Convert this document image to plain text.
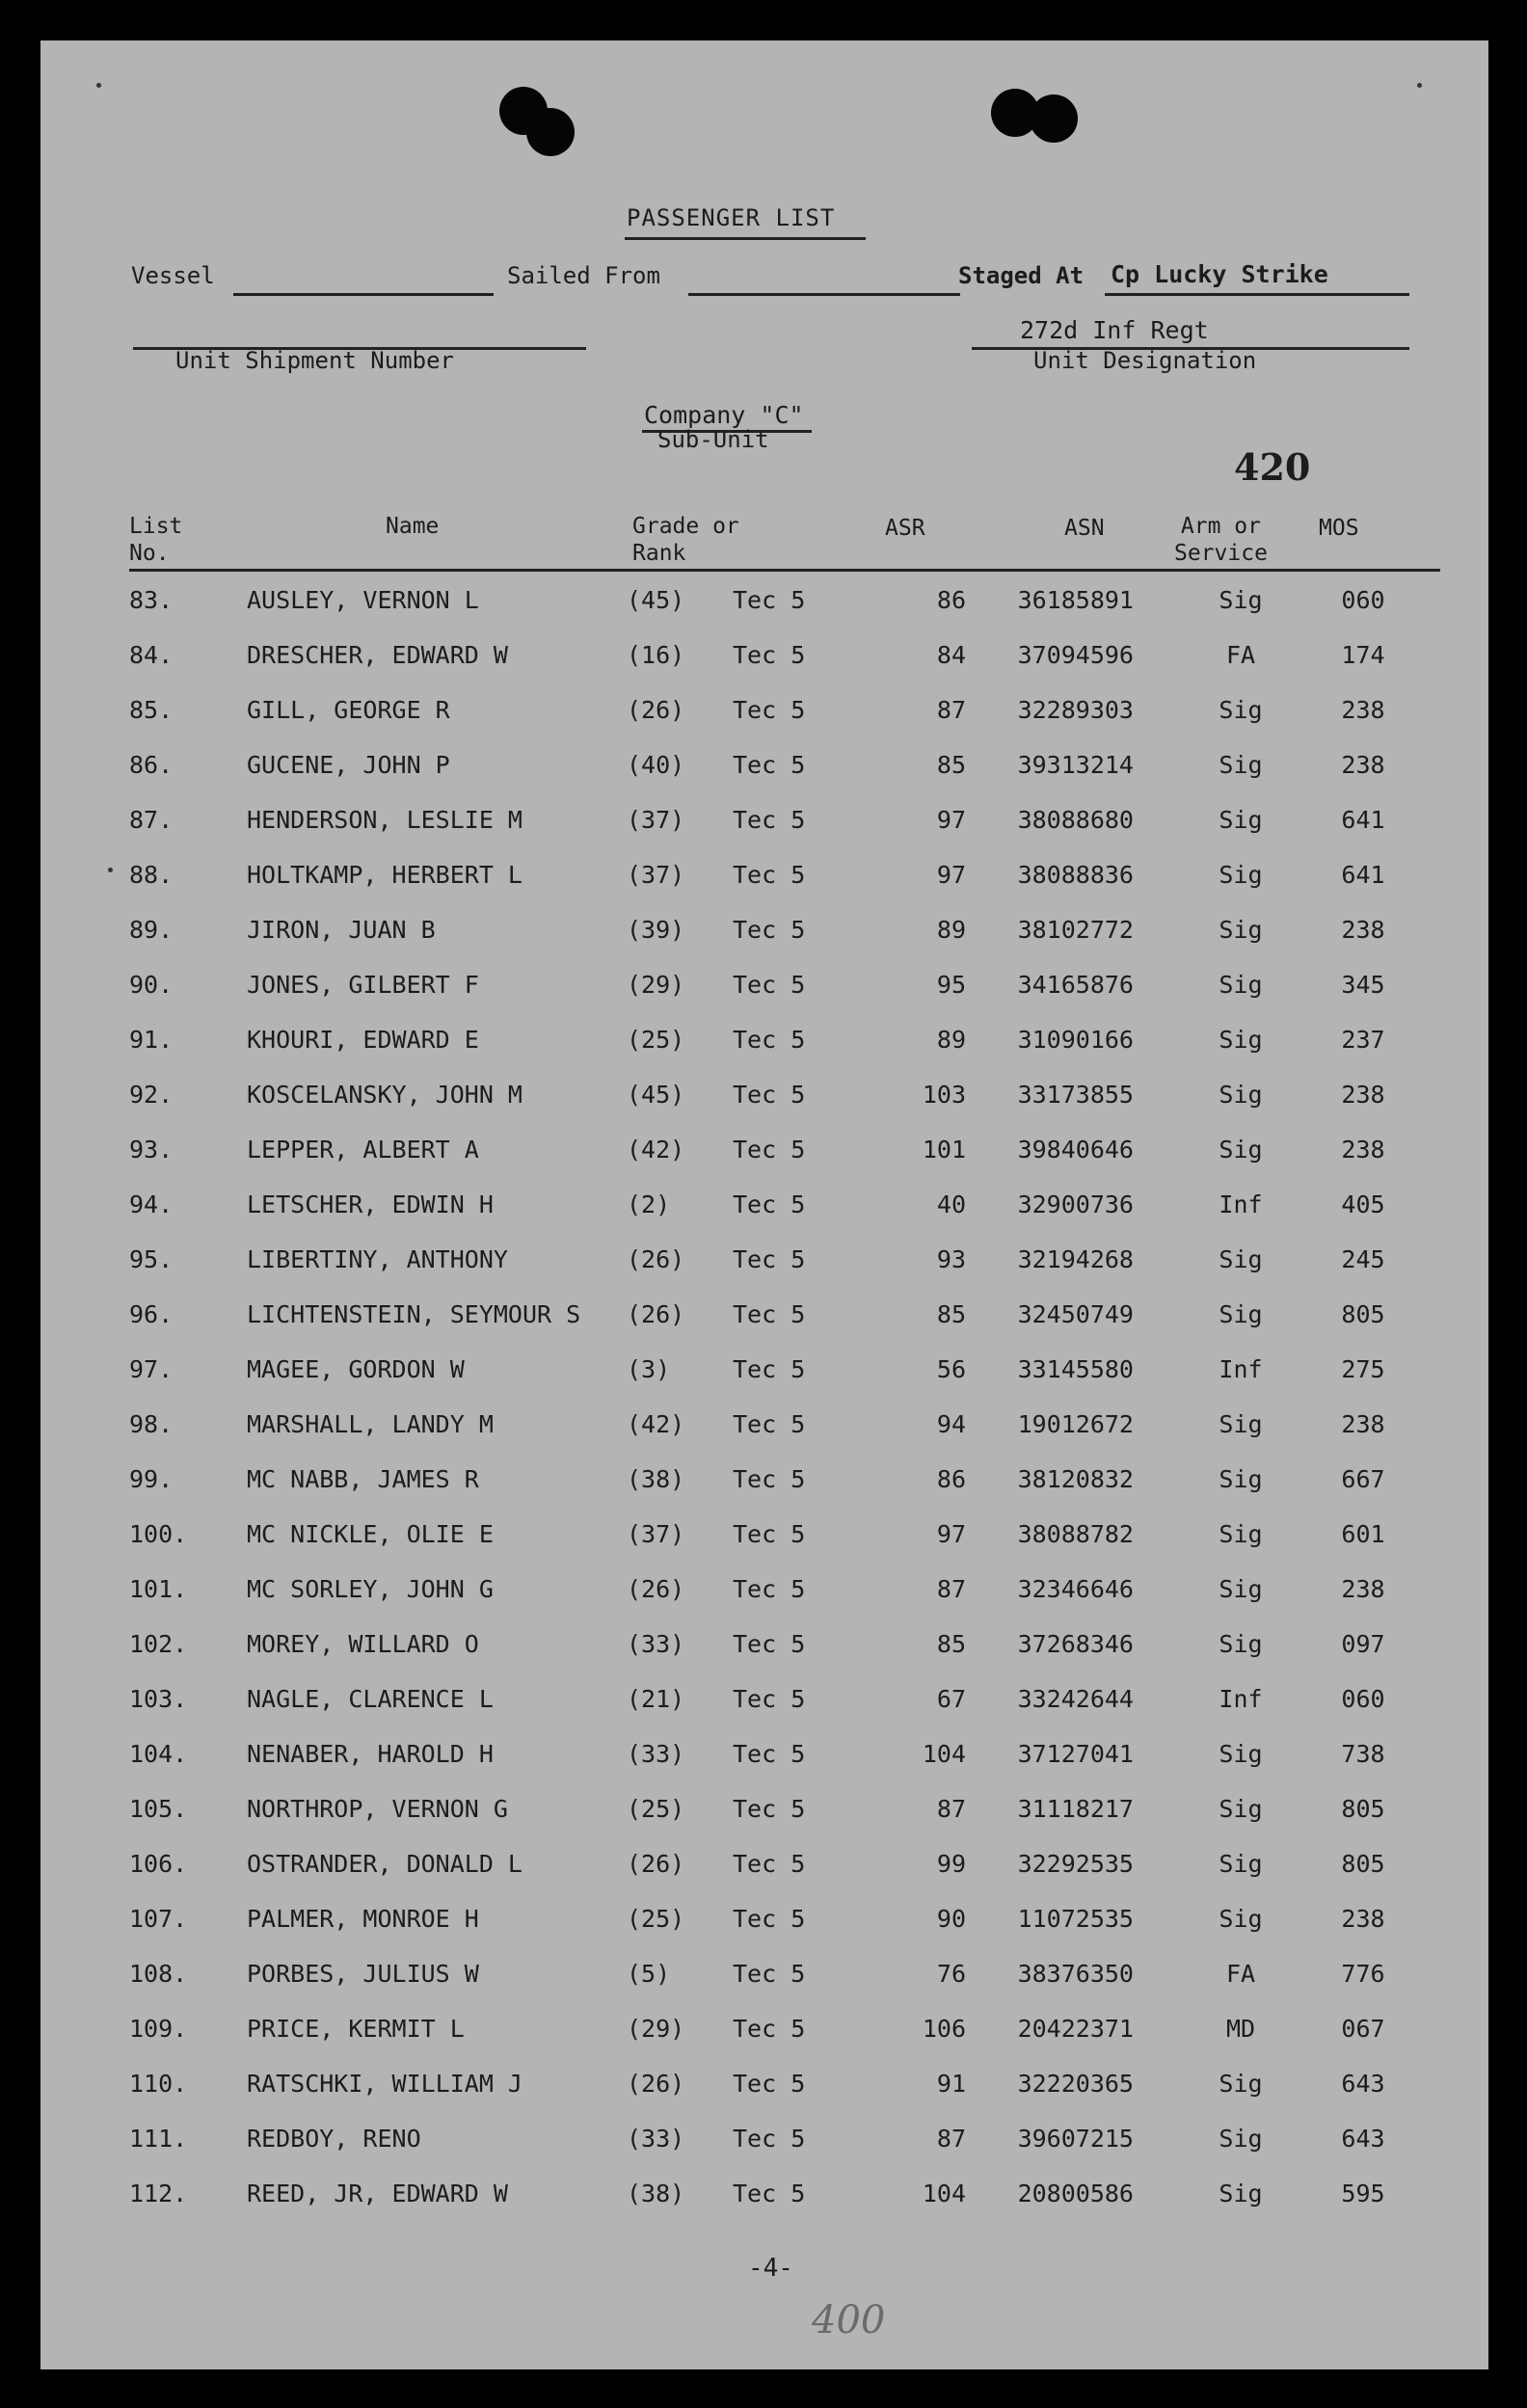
PASSENGER LIST
Vessel	Sailed From	Staged At Cp Lucky Strike
Unit Shipment Number
272d Inf Regt
Unit Designation
Company "C"
Sub-Unit
420
List
No.
Name	Grade or
Rank
ASR	ASN	Arm or
Service
MOS
83.	AUSLEY, VERNON L	(45) Tec 5	86	36185891	Sig	060
84.	DRESCHER, EDWARD W	(16) Tec 5	84	37094596	FA	174
85.	GILL, GEORGE R	(26) Tec 5	87	32289303	Sig	238
86.	GUCENE, JOHN P	(40) Tec 5	85	39313214	Sig	238
87.	HENDERSON, LESLIE M	(37) Tec 5	97	38088680	Sig	641
88.	HOLTKAMP, HERBERT L	(37) Tec 5	97	38088836	Sig	641
89.	JIRON, JUAN B	(39) Tec 5	89	38102772	Sig	238
90.	JONES, GILBERT F	(29) Tec 5	95	34165876	Sig	345
91.	KHOURI, EDWARD E	(25) Tec 5	89	31090166	Sig	237
92.	KOSCELANSKY, JOHN M	(45) Tec 5	103	33173855	Sig	238
93.	LEPPER, ALBERT A	(42) Tec 5	101	39840646	Sig	238
94.	LETSCHER, EDWIN H	(2)	Tec 5	40	32900736	Inf	405
95.	LIBERTINY, ANTHONY	(26) Tec 5	93	32194268	Sig	245
96.	LICHTENSTEIN, SEYMOUR S (26) Tec 5	85	32450749	Sig	805
97.	MAGEE, GORDON W	(3)	Tec 5	56	33145580	Inf	275
98.	MARSHALL, LANDY M	(42) Tec 5	94	19012672	Sig	238
99.	MC NABB, JAMES R	(38) Tec 5	86	38120832	Sig	667
100. MC NICKLE, OLIE E	(37) Tec 5	97	38088782	Sig	601
101. MC SORLEY, JOHN G	(26) Tec 5	87	32346646	Sig	238
102. MOREY, WILLARD O	(33) Tec 5	85	37268346	Sig	097
103. NAGLE, CLARENCE L	(21) Tec 5	67	33242644	Inf	060
104. NENABER, HAROLD H	(33) Tec 5	104	37127041	Sig	738
105. NORTHROP, VERNON G	(25) Tec 5	87	31118217	Sig	805
106. OSTRANDER, DONALD L	(26) Tec 5	99	32292535	Sig	805
107. PALMER, MONROE H	(25) Tec 5	90	11072535	Sig	238
108. PORBES, JULIUS W	(5)	Tec 5	76	38376350	FA	776
109. PRICE, KERMIT L	(29) Tec 5	106	20422371	MD	067
110. RATSCHKI, WILLIAM J	(26) Tec 5	91	32220365	Sig	643
111. REDBOY, RENO	(33) Tec 5	87	39607215	Sig	643
112. REED, JR, EDWARD W	(38) Tec 5	104	20800586	Sig	595
-4-
400
